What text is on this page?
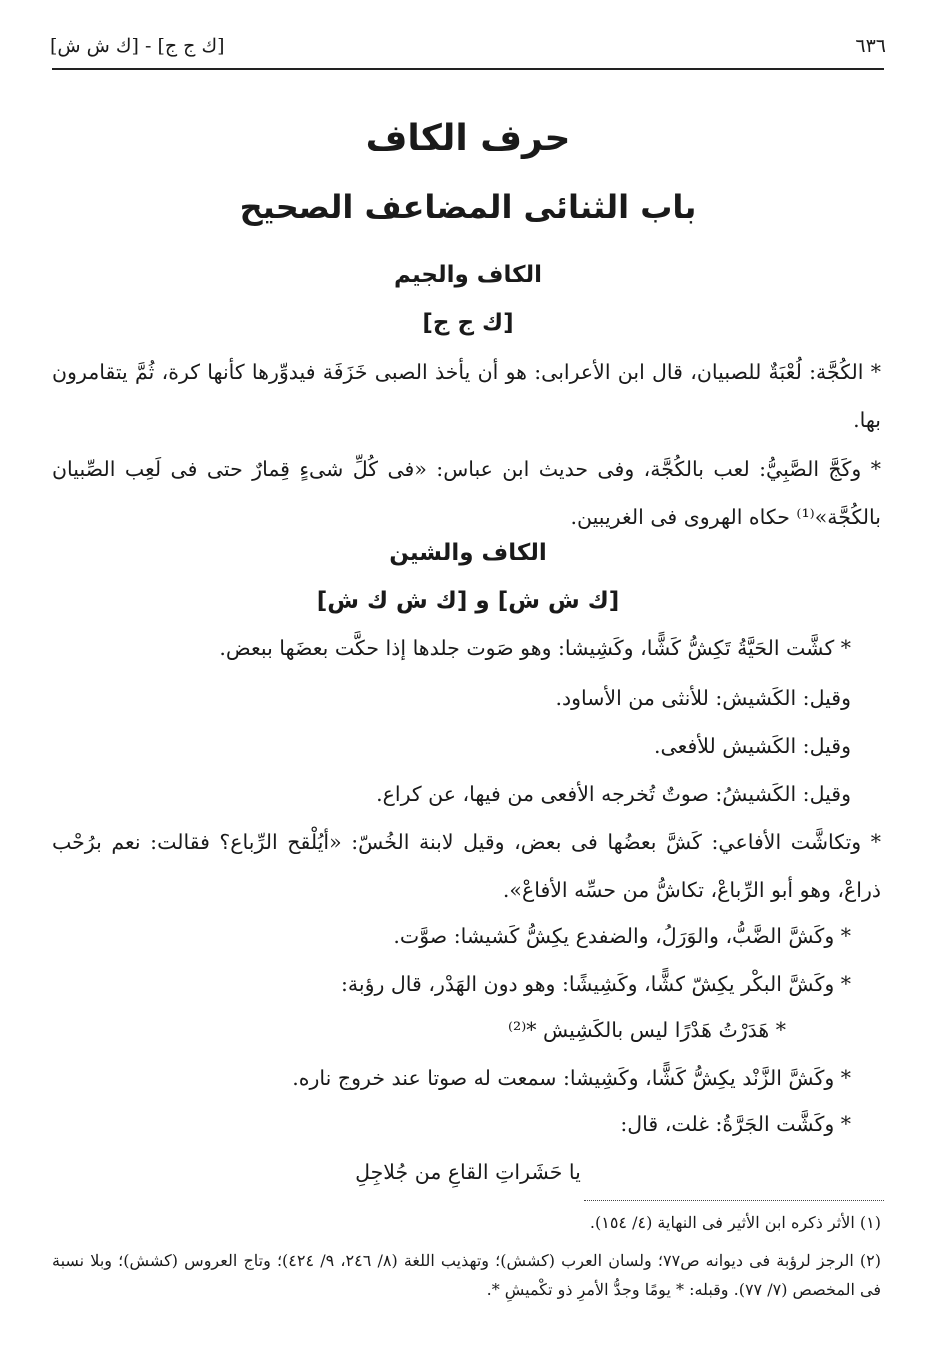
٦٣٦
[ك ج ج] - [ك ش ش]
حرف الكاف
باب الثنائى المضاعف الصحيح
الكاف والجيم
[ك ج ج]
* الكُجَّة: لُعْبَةٌ للصبيان، قال ابن الأعرابى: هو أن يأخذ الصبى خَزَفَة فيدوِّرها كأنها كرة، ثُمَّ يتقامرون بها.
* وكَجَّ الصَّبِيُّ: لعب بالكُجَّة، وفى حديث ابن عباس: «فى كُلِّ شىءٍ قِمارٌ حتى فى لَعِب الصِّبيان بالكُجَّة»⁽¹⁾ حكاه الهروى فى الغريبين.
الكاف والشين
[ك ش ش] و [ك ش ك ش]
* كشَّت الحَيَّةُ تَكِشُّ كَشًّا، وكَشِيشا: وهو صَوت جلدها إذا حكَّت بعضَها ببعض.
وقيل: الكَشيش: للأنثى من الأساود.
وقيل: الكَشيش للأفعى.
وقيل: الكَشيشُ: صوتٌ تُخرجه الأفعى من فيها، عن كراع.
* وتكاشَّت الأفاعي: كَشَّ بعضُها فى بعض، وقيل لابنة الخُسّ: «أيُلْقح الرِّباع؟ فقالت: نعم برُحْب ذراعْ، وهو أبو الرِّباعْ، تكاشُّ من حسِّه الأفاعْ».
* وكَشَّ الضَّبُّ، والوَرَلُ، والضفدع يكِشُّ كَشيشا: صوَّت.
* وكَشَّ البكْر يكِشّ كشًّا، وكَشِيشًا: وهو دون الهَدْر، قال رؤبة:
* هَدَرْتُ هَدْرًا ليس بالكَشِيش *⁽²⁾
* وكَشَّ الزَّنْد يكِشُّ كَشًّا، وكَشِيشا: سمعت له صوتا عند خروج ناره.
* وكَشَّت الجَرَّةُ: غلت، قال:
يا حَشَراتِ القاعِ من جُلاجِلِ
(١) الأثر ذكره ابن الأثير فى النهاية (٤/ ١٥٤).
(٢) الرجز لرؤبة فى ديوانه ص٧٧؛ ولسان العرب (كشش)؛ وتهذيب اللغة (٨/ ٢٤٦، ٩/ ٤٢٤)؛ وتاج العروس (كشش)؛ وبلا نسبة فى المخصص (٧/ ٧٧). وقبله: * يومًا وجدُّ الأمرِ ذو تكْميشِ *.
